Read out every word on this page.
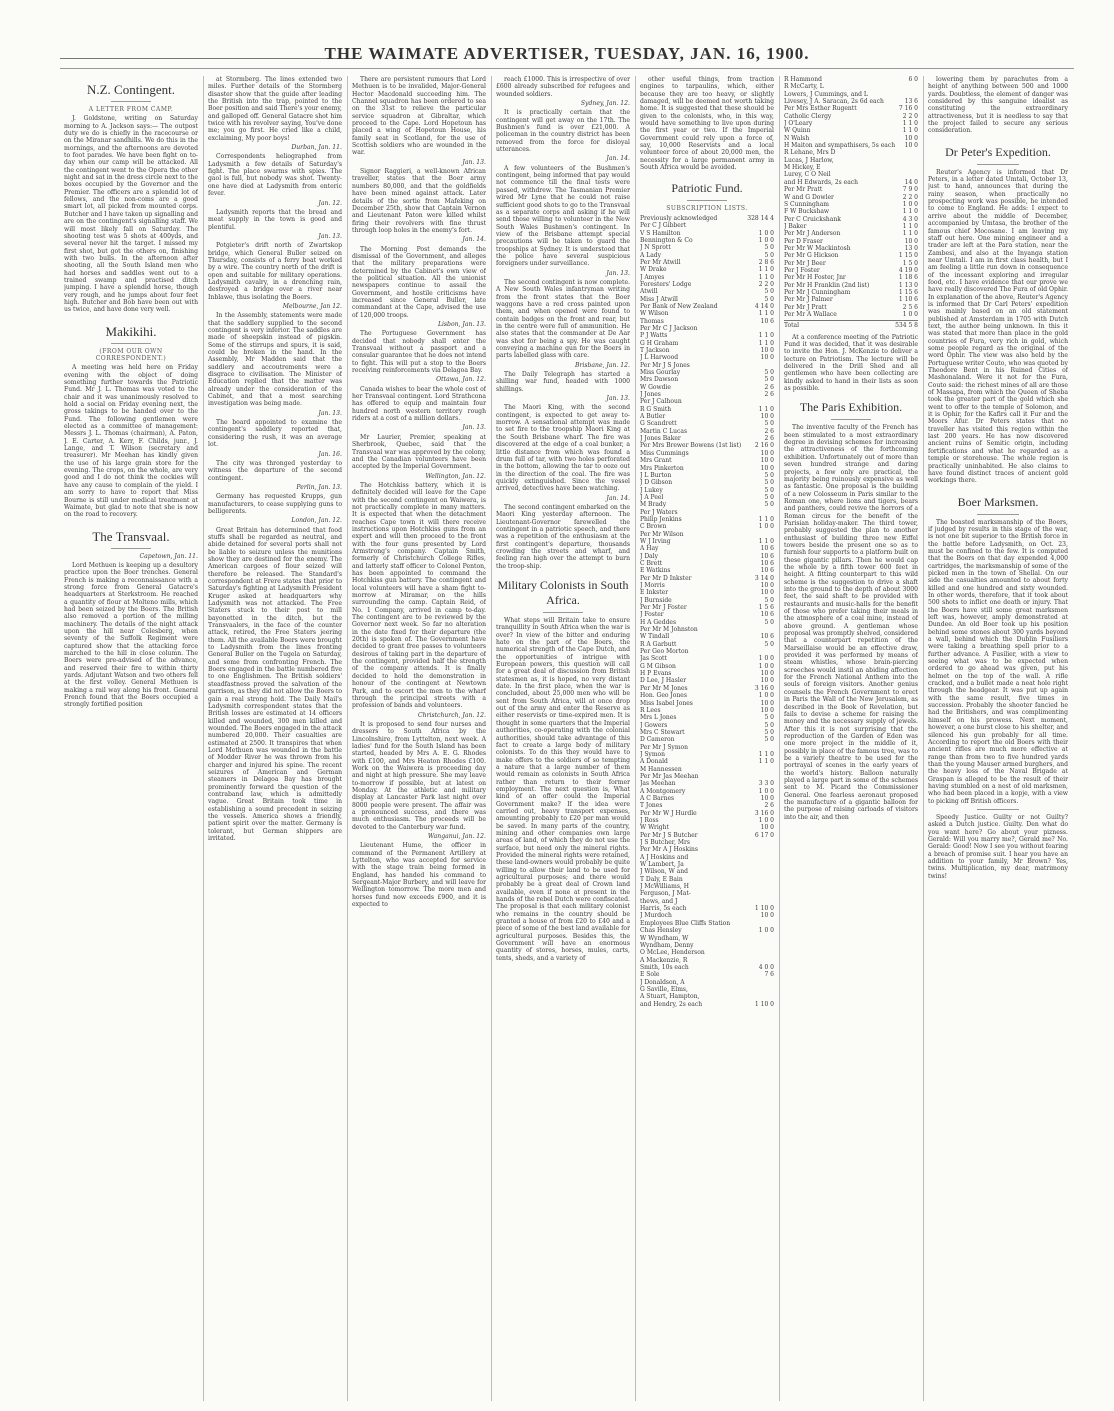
THE WAIMATE ADVERTISER, TUESDAY, JAN. 16, 1900.
N.Z. Contingent.
A LETTER FROM CAMP.

J. Goldstone, writing on Saturday morning to A. Jackson says:— The outpost duty we do is chiefly in the racecourse or on the Miranar sandhills. We do this in the mornings, and the afternoons are devoted to foot parades. We have been fight on to-day when our camp will be attacked. All the contingent went to the Opera the other night and sat in the dress circle next to the boxes occupied by the Governor and the Premier. The officers are a splendid lot of fellows, and the non-coms are a good smart lot, all picked from mounted corps. Butcher and I have taken up signalling and are on the contingent's signalling staff. We will most likely fall on Saturday. The shooting test was 5 shots at 400yds, and several never hit the target. I missed my first shot, but got the others on, finishing with two bulls. In the afternoon after shooting, all the South Island men who had horses and saddles went out to a trained swamp and practised ditch jumping. I have a splendid horse, though very rough, and he jumps about four feet high. Butcher and Bob have been out with us twice, and have done very well.

Makikihi.
(FROM OUR OWN CORRESPONDENT.)

A meeting was held here on Friday evening with the object of doing something further towards the Patriotic Fund. Mr J. L. Thomas was voted to the chair and it was unanimously resolved to hold a social on Friday evening next, the gross takings to be handed over to the Fund. The following gentlemen were elected as a committee of management: Messrs J. L. Thomas (chairman), A. Paton, J. E. Carter, A. Kerr, F. Childs, junr., J. Lange, and T. Wilson (secretary and treasurer). Mr Meehan has kindly given the use of his large grain store for the evening. The crops, on the whole, are very good and I do not think the cockies will have any cause to complain of the yield. I am sorry to have to report that Miss Bourne is still under medical treatment at Waimate, but glad to note that she is now on the road to recovery.

The Transvaal.
Capetown, Jan. 11.

Lord Methuen is keeping up a desultory practice upon the Boer trenches. General French is making a reconnaissance with a strong force from General Gatacre's headquarters at Sterkstroom. He reached a quantity of flour at Molteno mills, which had been seized by the Boers. The British also removed a portion of the milling machinery. The details of the night attack upon the hill near Colesberg, when seventy of the Suffolk Regiment were captured show that the attacking force marched to the hill in close column. The Boers were pre-advised of the advance, and reserved their fire to within thirty yards. Adjutant Watson and two others fell at the first volley. General Methuen is making a rail way along his front. General French found that the Boers occupied a strongly fortified position

at Stormberg. The lines extended two miles. Further details of the Stormberg disaster show that the guide after leading the British into the trap, pointed to the Boer position and said There's your enemy, and galloped off. General Gatacre shot him twice with his revolver saying, You've done me; you go first. He cried like a child, exclaiming, My poor boys!

Durban, Jan. 11.

Correspondents heliographed from Ladysmith a few details of Saturday's fight. The place swarms with spies. The gaol is full, but nobody was shot. Twenty-one have died at Ladysmith from enteric fever.

Jan. 12.

Ladysmith reports that the bread and meat supply in the town is good and plentiful.

Jan. 13.

Potgieter's drift north of Zwartskop bridge, which General Buller seized on Thursday, consists of a ferry boat worked by a wire. The country north of the drift is open and suitable for military operations. Ladysmith cavalry, in a drenching rain, destroyed a bridge over a river near Inblawe, thus isolating the Boers.

Melbourne, Jan 12.

In the Assembly, statements were made that the saddlery supplied to the second contingent is very inferior. The saddles are made of sheepskin instead of pigskin. Some of the stirrups and spurs, it is said, could be broken in the hand. In the Assembly, Mr Madden said that the saddlery and accoutrements were a disgrace to civilisation. The Minister of Education replied that the matter was already under the consideration of the Cabinet, and that a most searching investigation was being made.

Jan. 13.

The board appointed to examine the contingent's saddlery reported that, considering the rush, it was an average lot.

Jan. 16.

The city was thronged yesterday to witness the departure of the second contingent.

Perlin, Jan. 13.

Germany has requested Krupps, gun manufacturers, to cease supplying guns to belligerents.

London, Jan. 12.

Great Britain has determined that food stuffs shall be regarded as neutral, and abide detained for several ports shall not be liable to seizure unless the munitions show they are destined for the enemy. The American cargoes of flour seized will therefore be released. The Standard's correspondent at Frere states that prior to Saturday's fighting at Ladysmith President Kruger asked at headquarters why Ladysmith was not attacked. The Free Staters stuck to their post to mill bayonetted in the ditch, but the Transvaalers, in the face of the counter attack, retired, the Free Staters jeering them. All the available Boers were brought to Ladysmith from the lines fronting General Buller on the Tugela on Saturday, and some from confronting French. The Boers engaged in the battle numbered five to one Englishmen. The British soldiers' steadfastness proved the salvation of the garrison, as they did not allow the Boers to gain a real strong hold. The Daily Mail's Ladysmith correspondent states that the British losses are estimated at 14 officers killed and wounded, 300 men killed and wounded. The Boers engaged in the attack numbered 20,000. Their casualties are estimated at 2500. It transpires that when Lord Methuen was wounded in the battle of Modder River he was thrown from his charger and injured his spine. The recent seizures of American and German steamers in Delagoa Bay has brought prominently forward the question of the contraband law, which is admittedly vague. Great Britain took time in establishing a sound precedent in seizing the vessels. America shows a friendly, patient spirit over the matter. Germany is tolerant, but German shippers are irritated.

There are persistent rumours that Lord Methuen is to be invalided, Major-General Hector Macdonald succeeding him. The Channel squadron has been ordered to sea on the 31st to relieve the particular service squadron at Gibraltar, which proceed to the Cape. Lord Hopetoun has placed a wing of Hopetoun House, his family seat in Scotland, for the use of Scottish soldiers who are wounded in the war.

Jan. 13.

Signor Raggieri, a well-known African traveller, states that the Boer army numbers 80,000, and that the goldfields have been mined against attack. Later details of the sortie from Mafeking on December 25th, show that Captain Vernon and Lieutenant Paton were killed whilst firing their revolvers with fine thrust through loop holes in the enemy's fort.

Jan. 14.

The Morning Post demands the dismissal of the Government, and alleges that the military preparations were determined by the Cabinet's own view of the political situation. All the unionist newspapers continue to assail the Government, and hostile criticisms have increased since General Buller, late commandant at the Cape, advised the use of 120,000 troops.

Lisbon, Jan. 13.

The Portuguese Government has decided that nobody shall enter the Transvaal without a passport and a consular guarantee that he does not intend to fight. This will put a stop to the Boers receiving reinforcements via Delagoa Bay.

Ottawa, Jan. 12.

Canada wishes to bear the whole cost of her Transvaal contingent. Lord Strathcona has offered to equip and maintain four hundred north western territory rough riders at a cost of a million dollars.

Jan. 13.

Mr Laurier, Premier, speaking at Sherbrook, Quebec, said that the Transvaal war was approved by the colony, and the Canadian volunteers have been accepted by the Imperial Government.

Wellington, Jan. 12.

The Hotchkiss battery, which it is definitely decided will leave for the Cape with the second contingent on Waiwera, is not practically complete in many matters. It is expected that when the detachment reaches Cape town it will there receive instructions upon Hotchkiss guns from an expert and will then proceed to the front with the four guns presented by Lord Armstrong's company. Captain Smith, formerly of Christchurch College Rifles, and latterly staff officer to Colonel Penton, has been appointed to command the Hotchkiss gun battery. The contingent and local volunteers will have a sham fight to-morrow at Miramar, on the hills surrounding the camp. Captain Reid, of No. 1 Company, arrived in camp to-day. The contingent are to be reviewed by the Governor next week. So far no alteration in the date fixed for their departure (the 20th) is spoken of. The Government have decided to grant free passes to volunteers desirous of taking part in the departure of the contingent, provided half the strength of the company attends. It is finally decided to hold the demonstration in honour of the contingent at Newtown Park, and to escort the men to the wharf through the principal streets with a profession of bands and volunteers.

Christchurch, Jan. 12.

It is proposed to send four nurses and dressers to South Africa by the Lincolnshire, from Lyttelton, next week. A ladies' fund for the South Island has been started, headed by Mrs A. E. G. Rhodes with £100, and Mrs Heaton Rhodes £100. Work on the Waiwera is proceeding day and night at high pressure. She may leave to-morrow if possible, but at latest on Monday. At the athletic and military display at Lancaster Park last night over 8000 people were present. The affair was a pronounced success, and there was much enthusiasm. The proceeds will be devoted to the Canterbury war fund.

Wanganui, Jan. 12.

Lieutenant Hume, the officer in command of the Permanent Artillery at Lyttelton, who was accepted for service with the stage train being formed in England, has handed his command to Sergeant-Major Burbery, and will leave for Wellington tomorrow. The more men and horses fund now exceeds £900, and it is expected to

reach £1000. This is irrespective of over £600 already subscribed for refugees and wounded soldiers.

Sydney, Jan. 12.

It is practically certain that the contingent will get away on the 17th. The Bushmen's fund is over £21,000. A policeman in the country district has been removed from the force for disloyal utterances.

Jan. 14.

A few volunteers of the Bushmen's contingent, being informed that pay would not commence till the final tests were passed, withdrew. The Tasmanian Premier wired Mr Lyne that he could not raise sufficient good shots to go to the Transvaal as a separate corps and asking if he will send those willing to volunteer in the New South Wales Bushmen's contingent. In view of the Brisbane attempt special precautions will be taken to guard the troopships at Sydney. It is understood that the police have several suspicious foreigners under surveillance.

Jan. 13.

The second contingent is now complete. A New South Wales infantryman writing from the front states that the Boer waggons have a red cross painted upon them, and when opened were found to contain badges on the front and rear, but in the centre were full of ammunition. He also states that the commander at De Aar was shot for being a spy. He was caught conveying a machine gun for the Boers in parts labelled glass with care.

Brisbane, Jan. 12.

The Daily Telegraph has started a shilling war fund, headed with 1000 shillings.

Jan. 13.

The Maori King, with the second contingent, is expected to get away to-morrow. A sensational attempt was made to set fire to the troopship Maori King at the South Brisbane wharf. The fire was discovered at the edge of a coal bunker, a little distance from which was found a drum full of tar, with two holes perforated in the bottom, allowing the tar to ooze out in the direction of the coal. The fire was quickly extinguished. Since the vessel arrived, detectives have been watching.

Jan. 14.

The second contingent embarked on the Maori King yesterday afternoon. The Lieutenant-Governor farewelled the contingent in a patriotic speech, and there was a repetition of the enthusiasm at the first contingent's departure, thousands crowding the streets and wharf, and feeling ran high over the attempt to burn the troop-ship.

Military Colonists in South Africa.

What steps will Britain take to ensure tranquillity in South Africa when the war is over? In view of the bitter and enduring hate on the part of the Boers, the numerical strength of the Cape Dutch, and the opportunities of intrigue with European powers, this question will call for a great deal of discussion from British statesmen as, it is hoped, no very distant date. In the first place, when the war is concluded, about 25,000 men who will be sent from South Africa, will at once drop out of the army and enter the Reserve as either reservists or time-expired men. It is thought in some quarters that the Imperial authorities, co-operating with the colonial authorities, should take advantage of this fact to create a large body of military colonists. To do this they would have to make offers to the soldiers of so tempting a nature that a large number of them would remain as colonists in South Africa rather than return to their former employment. The next question is, What kind of an offer could the Imperial Government make? If the idea were carried out, heavy transport expenses, amounting probably to £20 per man would be saved. In many parts of the country, mining and other companies own large areas of land, of which they do not use the surface, but need only the mineral rights. Provided the mineral rights were retained, these land-owners would probably be quite willing to allow their land to be used for agricultural purposes; and there would probably be a great deal of Crown land available, even if none at present in the hands of the rebel Dutch were confiscated. The proposal is that each military colonist who remains in the country should be granted a house of from £20 to £40 and a piece of some of the best land available for agricultural purposes. Besides this, the Government will have an enormous quantity of stores, horses, mules, carts, tents, sheds, and a variety of

other useful things, from traction engines to tarpaulins, which, either because they are too heavy, or slightly damaged, will be deemed not worth taking home. It is suggested that these should be given to the colonists, who, in this way, would have something to live upon during the first year or two. If the Imperial Government could rely upon a force of, say, 10,000 Reservists and a local volunteer force of about 20,000 men, the necessity for a large permanent army in South Africa would be avoided.

Patriotic Fund.
SUBSCRIPTION LISTS.
Previously acknowledged	328 14 4
Per C J Gibbert
V S Hamilton	1 0 0
Bennington & Co	1 0 0
J N Sprott	5 0
A Lady	5 0
Per Mr Atwill	2 8 6
W Drake	1 1 0
J Amyes	1 1 0
Foresters' Lodge	2 2 0
Atwill	5 0
Miss J Atwill	5 0
Per Bank of New Zealand	4 14 0
W Wilson	1 1 0
Thomas	10 6
Per Mr C J Jackson
P J Watts	1 1 0
G H Graham	1 1 0
T Jackson	10 0
J L Harwood	10 0
Per Mr J S Jones
Miss Gourlay	5 0
Mrs Dawson	5 0
W Gowdie	2 6
J Jones	2 6
Per J Calhoun
R G Smith	1 1 0
A Butler	10 0
G Scandrett	5 0
Martin C Lucas	2 6
J Jones Baker	2 6
Per Mrs Brewer Bowens (1st list)	2 16 0
Miss Cummings	10 0
Mrs Grant	10 0
Mrs Pinkerton	10 0
J L Burton	5 0
J D Gibson	5 0
J Lukey	5 0
J A Peel	5 0
M Brady	5 0
Per J Waters
Philip Jenkins	1 1 0
C Brown	1 0 0
Per Mr Wilson
W J Irving	1 1 0
A Hay	10 6
J Daly	10 6
C Brett	10 6
E Watkins	10 6
Per Mr D Inkster	3 14 0
J Morris	10 0
E Inkster	10 0
J Burnside	5 0
Per Mr J Foster	1 5 6
J Foster	10 6
H A Geddes	5 0
Per Mr M Johnston
W Tindall	10 6
R A Garbutt	5 0
Per Geo Morton
Jas Scott	1 0 0
G M Gibson	1 0 0
H P Evans	10 0
D Lee, J Hasler	10 0
Per Mr M Jones	3 16 0
Hon. Geo Jones	1 0 0
Miss Isabel Jones	10 0
R Lees	10 0
Mrs L Jones	5 0
J Gowers	5 0
Mrs C Stewart	5 0
D Cameron	5 0
Per Mr J Symon
J Symon	1 1 0
A Donald	1 1 0
M Hannessen
Per Mr Jas Meehan
Jas Meehan	3 3 0
A Montgomery	1 0 0
A C Barnes	10 0
T Jones	2 6
Per Mr W J Hurdle	3 16 0
J Ross	1 0 0
W Wright	10 0
Per Mr J S Butcher	6 17 0
J S Butcher, Mrs
Per Mr A J Hoskins
A J Hoskins and
W Lambert, Ja
J Wilson, W and
T Daly, E Bain
J McWilliams, H
Ferguson, J Mat-
thews, and J
Harris, 5s each	1 10 0
J Murdoch	10 0
Employees Blue Cliffs Station
Chas Hensley	1 0 0
W Wyndham, W
Wyndham, Denny
O McLee, Henderson
A Mackenzie, R
Smith, 10s each	4 0 0
E Sole	7 6
J Donaldson, A
G Saville, Elms,
A Stuart, Hampton,
and Hendry, 2s each	1 10 0
R Hammond	6 0
R McCarty, L
Lowers, J Cummings, and L
Livesey, J A. Saracan, 2s 6d each	13 6
Per Mrs Esther Rugentt	7 16 0
Catholic Clergy	2 2 0
J O'Leary	1 1 0
W Quinn	1 1 0
N Walsh	10 0
H Maiton and sympathisers, 5s each	10 0
R Lehane, Mrs D
Lucas, J Harlow,
M Hickey, E
Lurey, C O Neil
and H Edwards, 2s each	14 0
Per Mr Pratt	7 9 0
W and G Dowler	2 2 0
S Cunningham	1 0 0
F W Buckshaw	1 1 0
Per C Cruickshank	4 3 0
J Baker	1 1 0
Per Mr J Anderson	1 1 0
Per D Fraser	10 0
Per Mr W Mackintosh	13 0
Per Mr G Hickson	1 15 0
Per Mr J Beer	1 5 0
Per J Foster	4 19 0
Per Mr H Foster, Jnr	1 18 6
Per Mr H Franklin (2nd list)	1 13 0
Per Mr J Cunningham	1 15 6
Per Mr J Palmer	1 10 6
Per Mr J Pratt	2 5 6
Per Mr A Wallace	1 0 0
Total	534 5 8

At a conference meeting of the Patriotic Fund it was decided, that it was desirable to invite the Hon. J. McKenzie to deliver a lecture on Patriotism. The lecture will be delivered in the Drill Shed and all gentlemen who have been collecting are kindly asked to hand in their lists as soon as possible.

The Paris Exhibition.

The inventive faculty of the French has been stimulated to a most extraordinary degree in devising schemes for increasing the attractiveness of the forthcoming exhibition. Unfortunately out of more than seven hundred strange and daring projects, a few only are practical, the majority being ruinously expensive as well as fantastic. One proposal is the building of a new Colosseum in Paris similar to the Roman one, where lions and tigers, bears and panthers, could revive the horrors of a Roman circus for the benefit of the Parisian holiday-maker. The third tower, probably suggested the plan to another enthusiast of building three new Eiffel towers beside the present one so as to furnish four supports to a platform built on these gigantic pillars. Then he would cap the whole by a fifth tower 600 feet in height. A fitting counterpart to this wild scheme is the suggestion to drive a shaft into the ground to the depth of about 3000 feet, the said shaft to be provided with restaurants and music-halls for the benefit of those who prefer taking their meals in the atmosphere of a coal mine, instead of above ground. A gentleman whose proposal was promptly shelved, considered that a counterpart repetition of the Marseillaise would be an effective draw, provided it was performed by means of steam whistles, whose brain-piercing screeches would instil an abiding affection for the French National Anthem into the souls of foreign visitors. Another genius counsels the French Government to erect in Paris the Wall of the New Jerusalem, as described in the Book of Revelation, but fails to devise a scheme for raising the money and the necessary supply of jewels. After this it is not surprising that the reproduction of the Garden of Eden was one more project in the middle of it, possibly in place of the famous tree, was to be a variety theatre to be used for the portrayal of scenes in the early years of the world's history. Balloon naturally played a large part in some of the schemes sent to M. Picard the Commissioner General. One fearless aeronaut proposed the manufacture of a gigantic balloon for the purpose of raising carloads of visitors into the air, and then

lowering them by parachutes from a height of anything between 500 and 1000 yards. Doubtless, the element of danger was considered by this sanguine idealist as constituting the extraordinary attractiveness, but it is needless to say that the project failed to secure any serious consideration.

Dr Peter's Expedition.

Reuter's Agency is informed that Dr Peters, in a letter dated Umtali, October 13, just to hand, announces that during the rainy season, when practically no prospecting work was possible, he intended to come to England. He adds: I expect to arrive about the middle of December, accompanied by Umtasa, the brother of the famous chief Mocosane. I am leaving my staff out here. One mining engineer and a trader are left at the Para station, near the Zambesi, and also at the Inyanga station near Umtali. I am in first class health, but I am feeling a little run down in consequence of the incessant exploring and irregular food, etc. I have evidence that our prove we have really discovered The Fura of old Ophir. In explanation of the above, Reuter's Agency is informed that Dr Carl Peters' expedition was mainly based on an old statement published at Amsterdam in 1705 with Dutch text, the author being unknown. In this it was stated that more than place in the gold countries of Fura, very rich in gold, which some people regard as the original of the word Ophir. The view was also held by the Portuguese writer Couto, who was quoted by Theodore Bent in his Ruined Cities of Mashonaland. Were it not for the Fura, Couto said: the richest mines of all are those of Massapa, from which the Queen of Sheba took the greater part of the gold which she went to offer to the temple of Solomon, and it is Ophir, for the Kafirs call it Fur and the Moors Afur. Dr Peters states that no traveller has visited this region within the last 200 years. He has now discovered ancient ruins of Semitic origin, including fortifications and what he regarded as a temple or storehouse. The whole region is practically uninhabited. He also claims to have found distinct traces of ancient gold workings there.

Boer Marksmen.

The boasted marksmanship of the Boers, if judged by results in this stage of the war, is not one bit superior to the British force in the battle before Ladysmith, on Oct. 23, must be confined to the few. It is computed that the Boers on that day expended 4,000 cartridges, the marksmanship of some of the picked men in the town of Shellal. On our side the casualties amounted to about forty killed and one hundred and sixty wounded. In other words, therefore, that it took about 500 shots to inflict one death or injury. That the Boers have still some great marksmen left was, however, amply demonstrated at Dundee. An old Boer took up his position behind some stones about 300 yards beyond a wall, behind which the Dublin Fusiliers were taking a breathing spell prior to a further advance. A Fusilier, with a view to seeing what was to be expected when ordered to go ahead was given, put his helmet on the top of the wall. A rifle cracked, and a bullet made a neat hole right through the headgear. It was put up again with the same result, five times in succession. Probably the shooter fancied he had the Britishers, and was complimenting himself on his prowess. Next moment, however, a one burst close to his shelter, and silenced his gun probably for all time. According to report the old Boers with their ancient rifles are much more effective at range than from two to five hundred yards than the young Mauser armed burghers, and the heavy loss of the Naval Brigade at Graspan is alleged to be the result of their having stumbled on a nest of old marksmen, who had been placed in a kopje, with a view to picking off British officers.

Speedy Justice. Guilty or not Guilty? asked a Dutch justice. Guilty. Den what do you want here? Go about your pizness. Gerald: Will you marry me?, Gerald me? No. Gerald: Good! Now I see you without fearing a breach of promise suit. I hear you have an addition to your family, Mr Brown? Yes, twins. Multiplication, my dear, matrimony twins!
